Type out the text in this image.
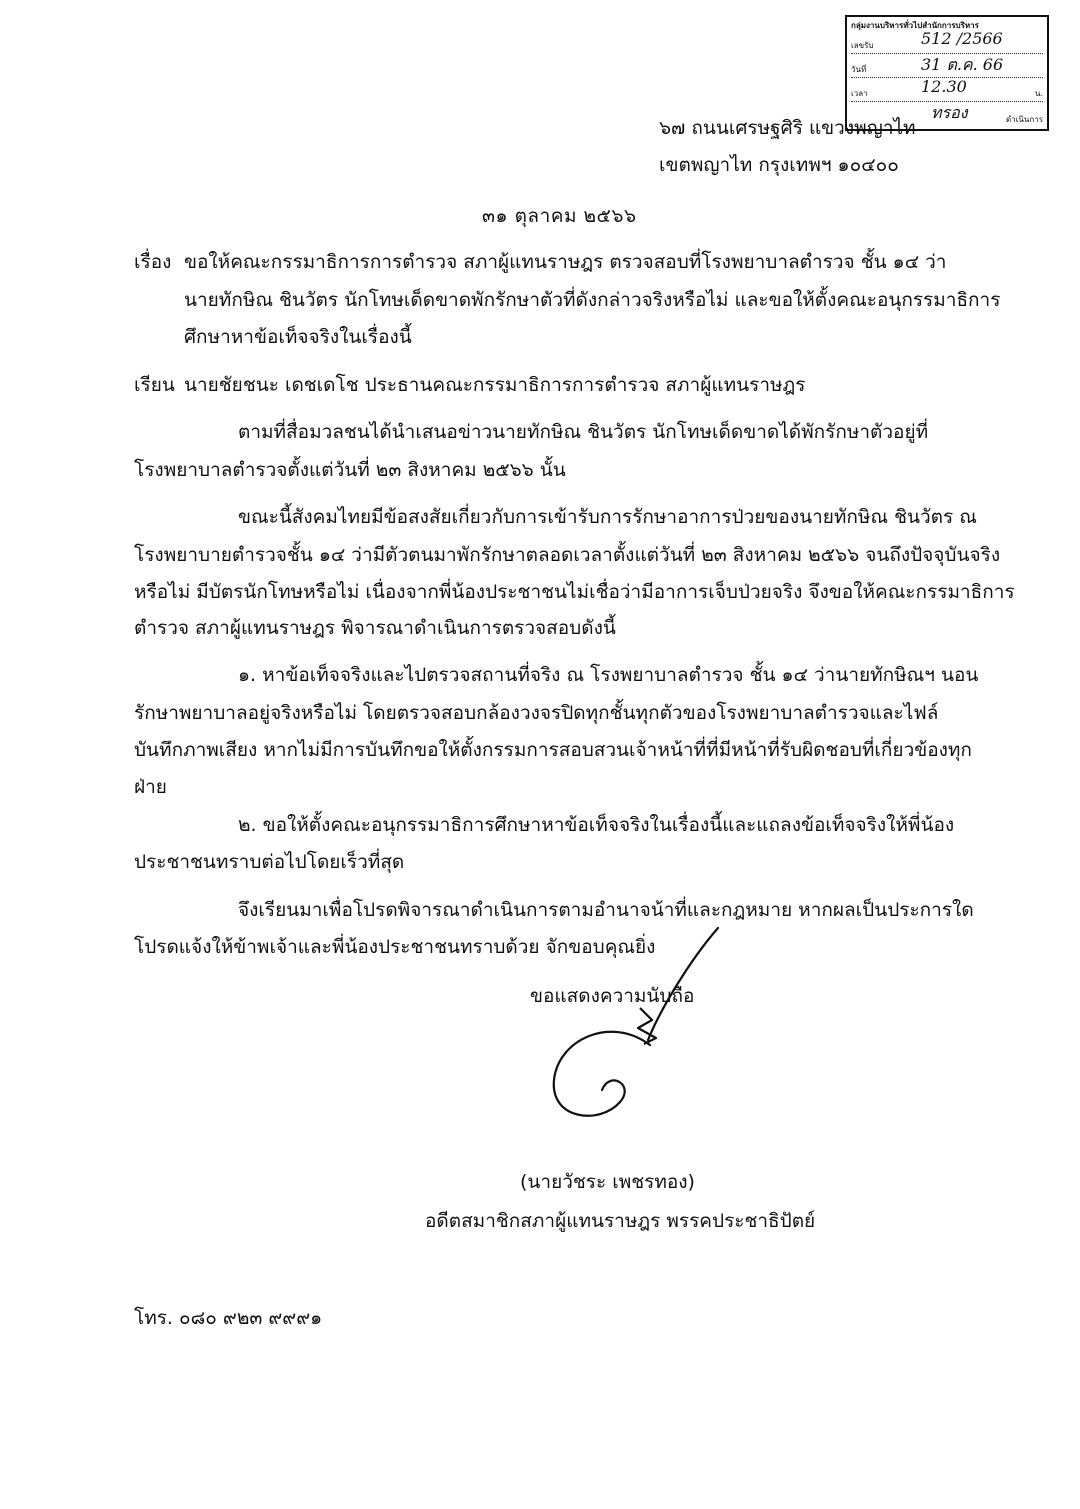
กลุ่มงานบริหารทั่วไปสำนักการบริหาร
เลขรับ	512 /2566
วันที่	31 ต.ค. 66
เวลา	12.30	น.
ทรอง	ดำเนินการ
๖๗ ถนนเศรษฐศิริ แขวงพญาไท
เขตพญาไท กรุงเทพฯ ๑๐๔๐๐
๓๑ ตุลาคม ๒๕๖๖
เรื่อง ขอให้คณะกรรมาธิการการตำรวจ สภาผู้แทนราษฎร ตรวจสอบที่โรงพยาบาลตำรวจ ชั้น ๑๔ ว่า
นายทักษิณ ชินวัตร นักโทษเด็ดขาดพักรักษาตัวที่ดังกล่าวจริงหรือไม่ และขอให้ตั้งคณะอนุกรรมาธิการ
ศึกษาหาข้อเท็จจริงในเรื่องนี้
เรียน นายชัยชนะ เดชเดโช ประธานคณะกรรมาธิการการตำรวจ สภาผู้แทนราษฎร
ตามที่สื่อมวลชนได้นำเสนอข่าวนายทักษิณ ชินวัตร นักโทษเด็ดขาดได้พักรักษาตัวอยู่ที่
โรงพยาบาลตำรวจตั้งแต่วันที่ ๒๓ สิงหาคม ๒๕๖๖ นั้น
ขณะนี้สังคมไทยมีข้อสงสัยเกี่ยวกับการเข้ารับการรักษาอาการป่วยของนายทักษิณ ชินวัตร ณ
โรงพยาบายตำรวจชั้น ๑๔ ว่ามีตัวตนมาพักรักษาตลอดเวลาตั้งแต่วันที่ ๒๓ สิงหาคม ๒๕๖๖ จนถึงปัจจุบันจริง
หรือไม่ มีบัตรนักโทษหรือไม่ เนื่องจากพี่น้องประชาชนไม่เชื่อว่ามีอาการเจ็บป่วยจริง จึงขอให้คณะกรรมาธิการ
ตำรวจ สภาผู้แทนราษฎร พิจารณาดำเนินการตรวจสอบดังนี้
๑. หาข้อเท็จจริงและไปตรวจสถานที่จริง ณ โรงพยาบาลตำรวจ ชั้น ๑๔ ว่านายทักษิณฯ นอน
รักษาพยาบาลอยู่จริงหรือไม่ โดยตรวจสอบกล้องวงจรปิดทุกชั้นทุกตัวของโรงพยาบาลตำรวจและไฟล์
บันทึกภาพเสียง หากไม่มีการบันทึกขอให้ตั้งกรรมการสอบสวนเจ้าหน้าที่ที่มีหน้าที่รับผิดชอบที่เกี่ยวข้องทุก
ฝ่าย
๒. ขอให้ตั้งคณะอนุกรรมาธิการศึกษาหาข้อเท็จจริงในเรื่องนี้และแถลงข้อเท็จจริงให้พี่น้อง
ประชาชนทราบต่อไปโดยเร็วที่สุด
จึงเรียนมาเพื่อโปรดพิจารณาดำเนินการตามอำนาจน้าที่และกฎหมาย หากผลเป็นประการใด
โปรดแจ้งให้ข้าพเจ้าและพี่น้องประชาชนทราบด้วย จักขอบคุณยิ่ง
ขอแสดงความนับถือ
(นายวัชระ เพชรทอง)
อดีตสมาชิกสภาผู้แทนราษฎร พรรคประชาธิปัตย์
โทร. ๐๘๐ ๙๒๓ ๙๙๙๑
